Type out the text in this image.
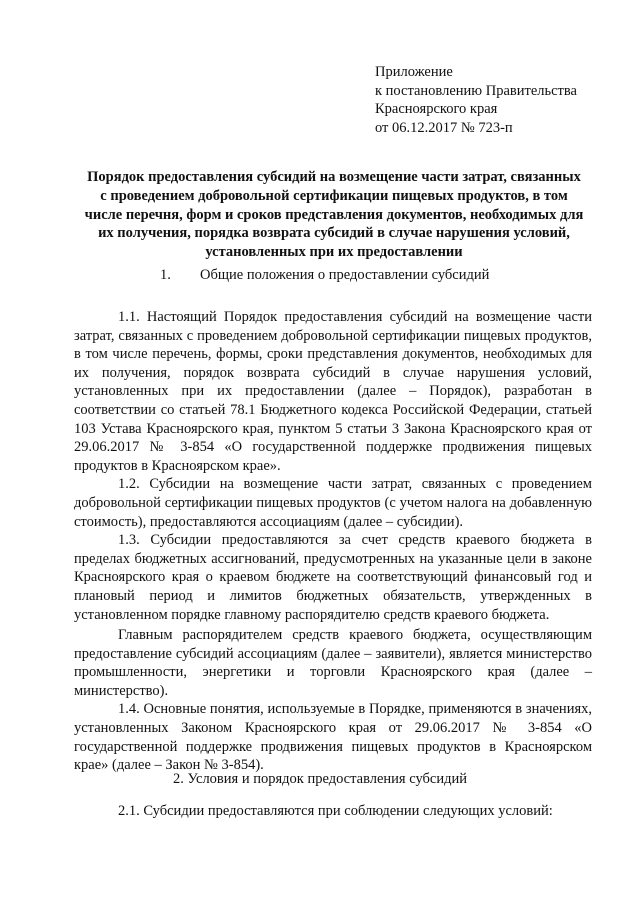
Приложение
к постановлению Правительства
Красноярского края
от 06.12.2017 № 723-п
Порядок предоставления субсидий на возмещение части затрат, связанных с проведением добровольной сертификации пищевых продуктов, в том числе перечня, форм и сроков представления документов, необходимых для их получения, порядка возврата субсидий в случае нарушения условий, установленных при их предоставлении
1. Общие положения о предоставлении субсидий

1.1. Настоящий Порядок предоставления субсидий на возмещение части затрат, связанных с проведением добровольной сертификации пищевых продуктов, в том числе перечень, формы, сроки представления документов, необходимых для их получения, порядок возврата субсидий в случае нарушения условий, установленных при их предоставлении (далее – Порядок), разработан в соответствии со статьей 78.1 Бюджетного кодекса Российской Федерации, статьей 103 Устава Красноярского края, пунктом 5 статьи 3 Закона Красноярского края от 29.06.2017 № 3-854 «О государственной поддержке продвижения пищевых продуктов в Красноярском крае».

1.2. Субсидии на возмещение части затрат, связанных с проведением добровольной сертификации пищевых продуктов (с учетом налога на добавленную стоимость), предоставляются ассоциациям (далее – субсидии).

1.3. Субсидии предоставляются за счет средств краевого бюджета в пределах бюджетных ассигнований, предусмотренных на указанные цели в законе Красноярского края о краевом бюджете на соответствующий финансовый год и плановый период и лимитов бюджетных обязательств, утвержденных в установленном порядке главному распорядителю средств краевого бюджета.

Главным распорядителем средств краевого бюджета, осуществляющим предоставление субсидий ассоциациям (далее – заявители), является министерство промышленности, энергетики и торговли Красноярского края (далее – министерство).

1.4. Основные понятия, используемые в Порядке, применяются в значениях, установленных Законом Красноярского края от 29.06.2017 № 3-854 «О государственной поддержке продвижения пищевых продуктов в Красноярском крае» (далее – Закон № 3-854).

2. Условия и порядок предоставления субсидий
2.1. Субсидии предоставляются при соблюдении следующих условий:
